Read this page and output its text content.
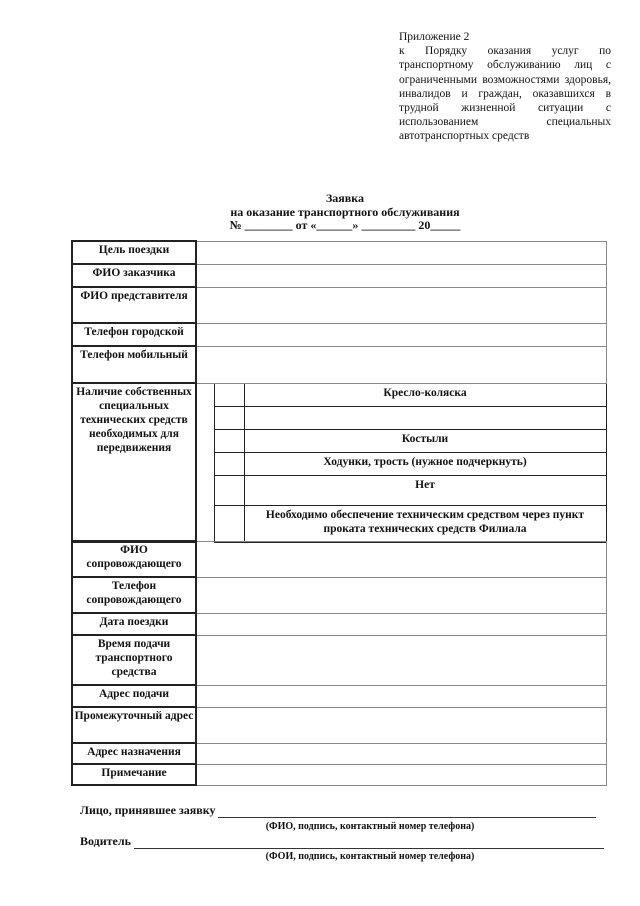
Приложение 2
к Порядку оказания услуг по транспортному обслуживанию лиц с ограниченными возможностями здоровья, инвалидов и граждан, оказавшихся в трудной жизненной ситуации с использованием специальных автотранспортных средств
Заявка
на оказание транспортного обслуживания
№ ________ от «______» _________ 20_____
Цель поездки			
ФИО заказчика			
ФИО представителя			
Телефон городской			
Телефон мобильный			
Наличие собственных специальных технических средств необходимых для передвижения			Кресло-коляска

			Костыли
			Ходунки, трость (нужное подчеркнуть)
			Нет
			Необходимо обеспечение техническим средством через пункт проката технических средств Филиала
ФИО сопровождающего	
Телефон сопровождающего	
Дата поездки	
Время подачи транспортного средства	
Адрес подачи	
Промежуточный адрес	
Адрес назначения	
Примечание	
Лицо, принявшее заявку
(ФИО, подпись, контактный номер телефона)
Водитель
(ФОИ, подпись, контактный номер телефона)
